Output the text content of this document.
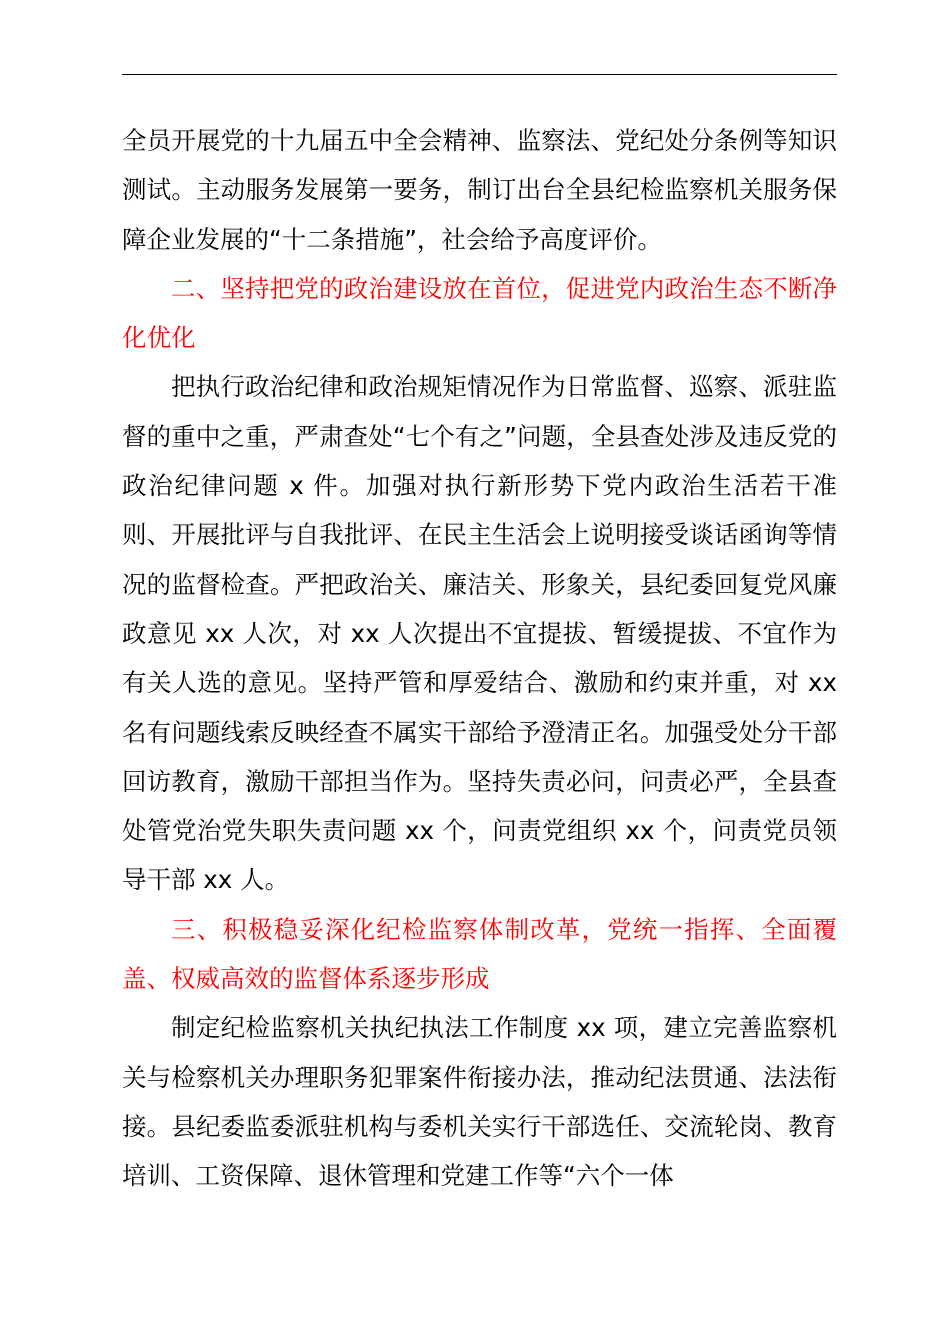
全员开展党的十九届五中全会精神、监察法、党纪处分条例等知识测试。主动服务发展第一要务，制订出台全县纪检监察机关服务保障企业发展的“十二条措施”，社会给予高度评价。

二、坚持把党的政治建设放在首位，促进党内政治生态不断净化优化

把执行政治纪律和政治规矩情况作为日常监督、巡察、派驻监督的重中之重，严肃查处“七个有之”问题，全县查处涉及违反党的政治纪律问题 x 件。加强对执行新形势下党内政治生活若干准则、开展批评与自我批评、在民主生活会上说明接受谈话函询等情况的监督检查。严把政治关、廉洁关、形象关，县纪委回复党风廉政意见 xx 人次，对 xx 人次提出不宜提拔、暂缓提拔、不宜作为有关人选的意见。坚持严管和厚爱结合、激励和约束并重，对 xx 名有问题线索反映经查不属实干部给予澄清正名。加强受处分干部回访教育，激励干部担当作为。坚持失责必问，问责必严，全县查处管党治党失职失责问题 xx 个，问责党组织 xx 个，问责党员领导干部 xx 人。

三、积极稳妥深化纪检监察体制改革，党统一指挥、全面覆盖、权威高效的监督体系逐步形成

制定纪检监察机关执纪执法工作制度 xx 项，建立完善监察机关与检察机关办理职务犯罪案件衔接办法，推动纪法贯通、法法衔接。县纪委监委派驻机构与委机关实行干部选任、交流轮岗、教育培训、工资保障、退休管理和党建工作等“六个一体
